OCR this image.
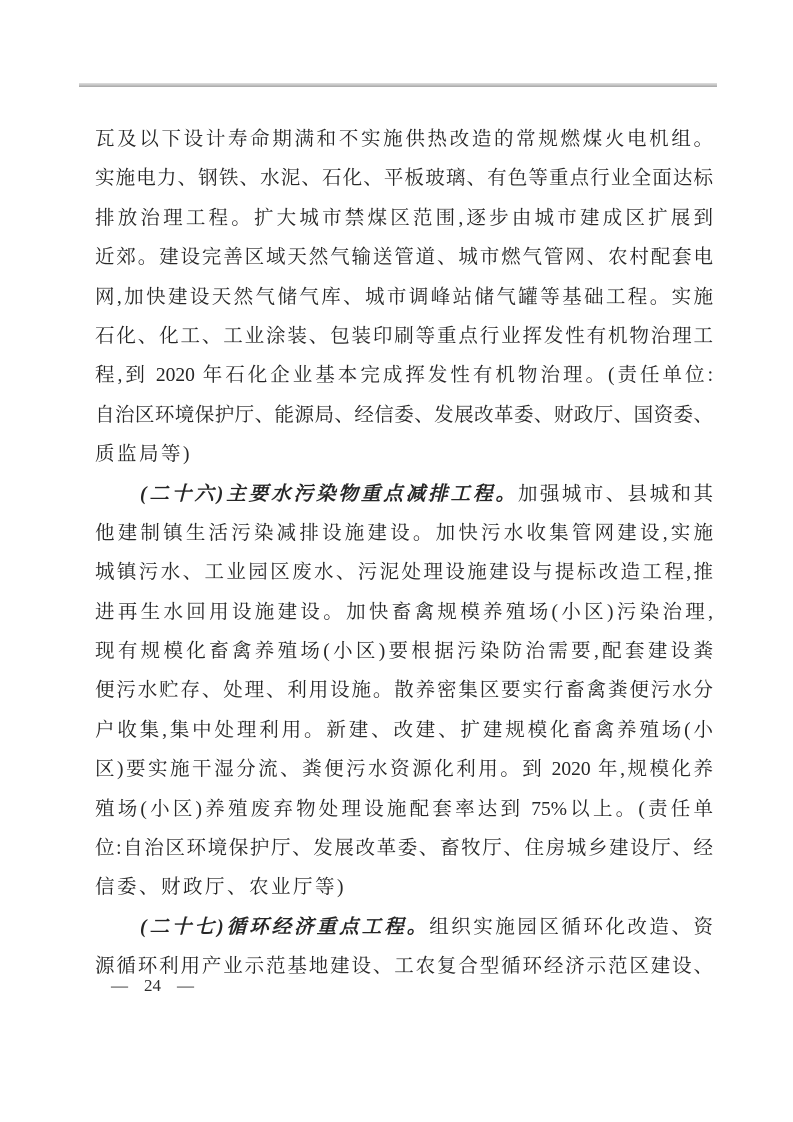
瓦及以下设计寿命期满和不实施供热改造的常规燃煤火电机组。
实施电力、钢铁、水泥、石化、平板玻璃、有色等重点行业全面达标
排放治理工程。扩大城市禁煤区范围,逐步由城市建成区扩展到
近郊。建设完善区域天然气输送管道、城市燃气管网、农村配套电
网,加快建设天然气储气库、城市调峰站储气罐等基础工程。实施
石化、化工、工业涂装、包装印刷等重点行业挥发性有机物治理工
程,到 2020 年石化企业基本完成挥发性有机物治理。(责任单位:
自治区环境保护厅、能源局、经信委、发展改革委、财政厅、国资委、
质监局等)
(二十六)主要水污染物重点减排工程。加强城市、县城和其
他建制镇生活污染减排设施建设。加快污水收集管网建设,实施
城镇污水、工业园区废水、污泥处理设施建设与提标改造工程,推
进再生水回用设施建设。加快畜禽规模养殖场(小区)污染治理,
现有规模化畜禽养殖场(小区)要根据污染防治需要,配套建设粪
便污水贮存、处理、利用设施。散养密集区要实行畜禽粪便污水分
户收集,集中处理利用。新建、改建、扩建规模化畜禽养殖场(小
区)要实施干湿分流、粪便污水资源化利用。到 2020 年,规模化养
殖场(小区)养殖废弃物处理设施配套率达到 75%以上。(责任单
位:自治区环境保护厅、发展改革委、畜牧厅、住房城乡建设厅、经
信委、财政厅、农业厅等)
(二十七)循环经济重点工程。组织实施园区循环化改造、资
源循环利用产业示范基地建设、工农复合型循环经济示范区建设、
— 24 —
